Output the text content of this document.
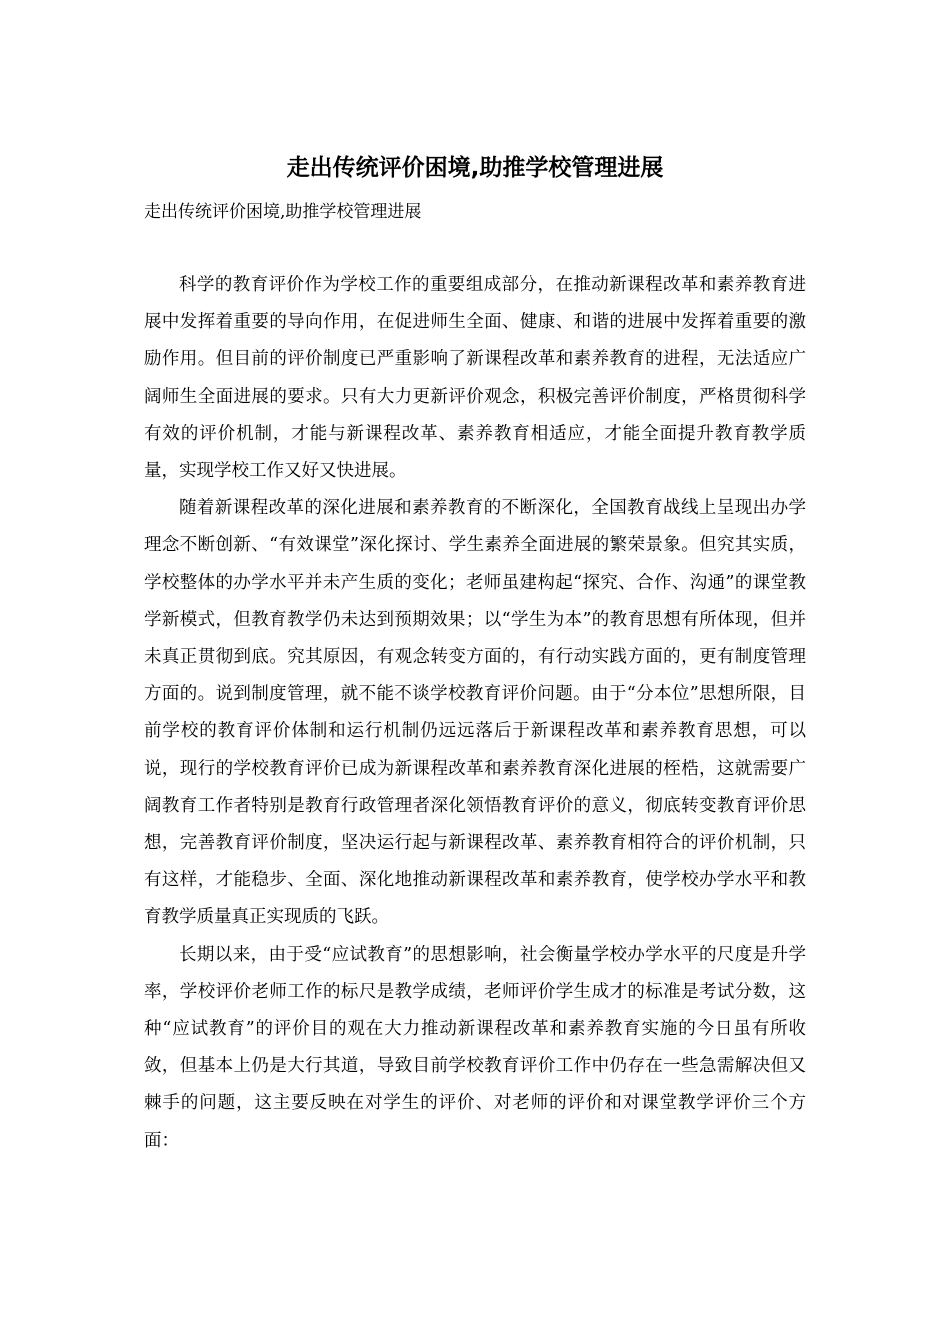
走出传统评价困境,助推学校管理进展

走出传统评价困境,助推学校管理进展

科学的教育评价作为学校工作的重要组成部分，在推动新课程改革和素养教育进展中发挥着重要的导向作用，在促进师生全面、健康、和谐的进展中发挥着重要的激励作用。但目前的评价制度已严重影响了新课程改革和素养教育的进程，无法适应广阔师生全面进展的要求。只有大力更新评价观念，积极完善评价制度，严格贯彻科学有效的评价机制，才能与新课程改革、素养教育相适应，才能全面提升教育教学质量，实现学校工作又好又快进展。

随着新课程改革的深化进展和素养教育的不断深化，全国教育战线上呈现出办学理念不断创新、“有效课堂”深化探讨、学生素养全面进展的繁荣景象。但究其实质，学校整体的办学水平并未产生质的变化；老师虽建构起“探究、合作、沟通”的课堂教学新模式，但教育教学仍未达到预期效果；以“学生为本”的教育思想有所体现，但并未真正贯彻到底。究其原因，有观念转变方面的，有行动实践方面的，更有制度管理方面的。说到制度管理，就不能不谈学校教育评价问题。由于“分本位”思想所限，目前学校的教育评价体制和运行机制仍远远落后于新课程改革和素养教育思想，可以说，现行的学校教育评价已成为新课程改革和素养教育深化进展的桎梏，这就需要广阔教育工作者特别是教育行政管理者深化领悟教育评价的意义，彻底转变教育评价思想，完善教育评价制度，坚决运行起与新课程改革、素养教育相符合的评价机制，只有这样，才能稳步、全面、深化地推动新课程改革和素养教育，使学校办学水平和教育教学质量真正实现质的飞跃。

长期以来，由于受“应试教育”的思想影响，社会衡量学校办学水平的尺度是升学率，学校评价老师工作的标尺是教学成绩，老师评价学生成才的标准是考试分数，这种“应试教育”的评价目的观在大力推动新课程改革和素养教育实施的今日虽有所收敛，但基本上仍是大行其道，导致目前学校教育评价工作中仍存在一些急需解决但又棘手的问题，这主要反映在对学生的评价、对老师的评价和对课堂教学评价三个方面：
